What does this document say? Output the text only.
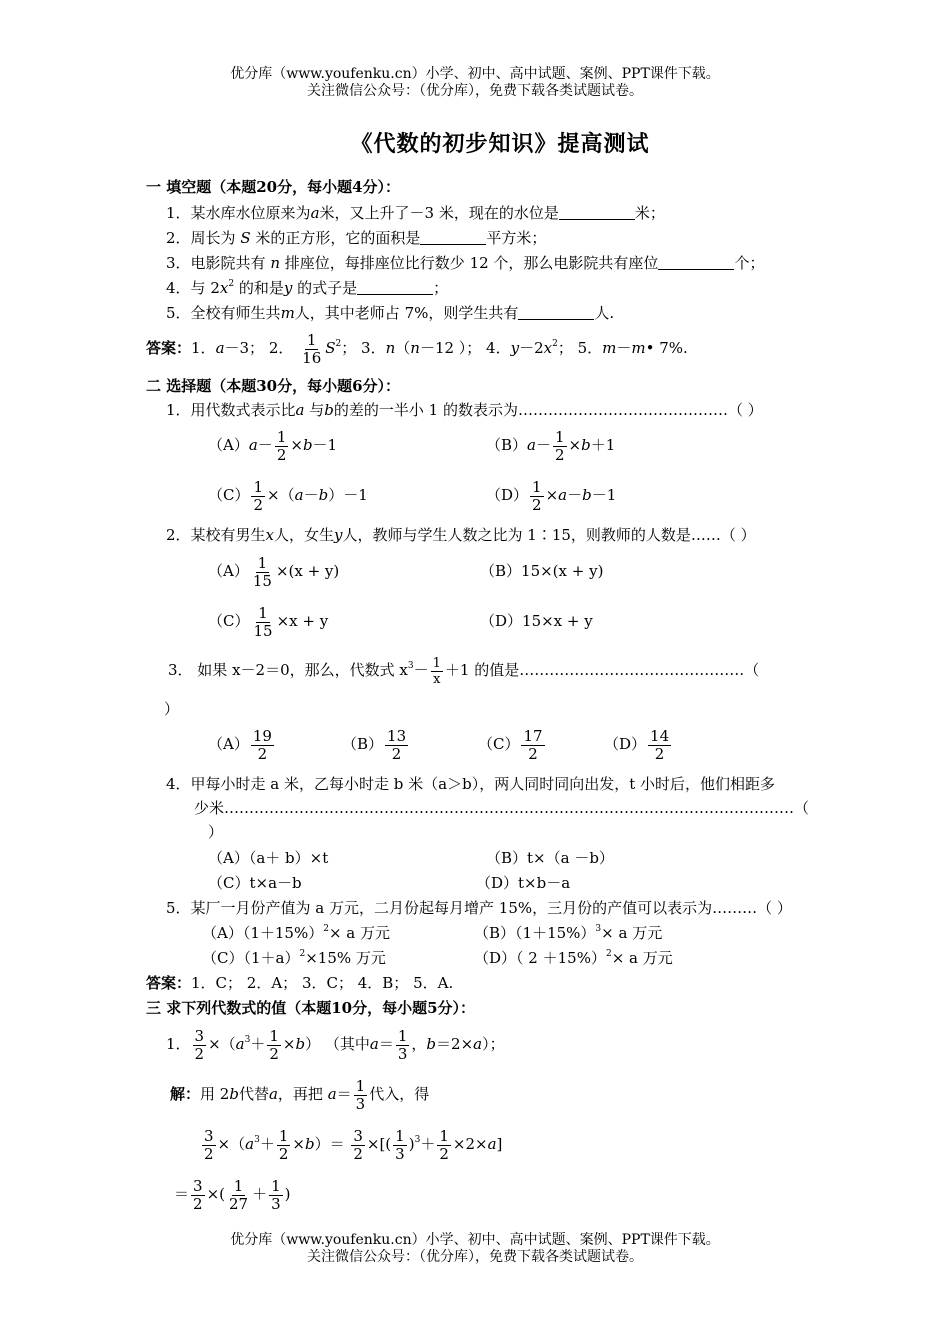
优分库（www.youfenku.cn）小学、初中、高中试题、案例、PPT课件下载。
关注微信公众号：（优分库），免费下载各类试题试卷。
《代数的初步知识》提高测试
一 填空题（本题20分，每小题4分）：
1．某水库水位原来为a米，又上升了－3 米，现在的水位是	米；
2．周长为 S 米的正方形，它的面积是	平方米；
3．电影院共有 n 排座位，每排座位比行数少 12 个，那么电影院共有座位	个；
4．与 $2x^2$ 的和是y 的式子是	；
5．全校有师生共m人，其中老师占 7%，则学生共有	人.
答案：1．a－3； 2． $\frac{1}{16} S^2$； 3．n（n－12 ）； 4．$y-2x^2$； 5．m－m• 7%.
二 选择题（本题30分，每小题6分）：
1．用代数式表示比a 与b的差的一半小 1 的数表示为……………………………………（ ）
$(A)a- \frac{1}{2} \times b-1$	$(B)a- \frac{1}{2} \times b+1$
$(C) \frac{1}{2} \times(a-b)-1$	$(D) \frac{1}{2} \times a-b-1$
2．某校有男生x人，女生y人，教师与学生人数之比为 1∶15，则教师的人数是……（ ）
$(A) \frac{1}{15} \times(x + y)$	（B）15×(x + y)
$(C) \frac{1}{15} \times x + y$	（D）15×x + y
3． 如果 x－2＝0，那么，代数式 $x^3- \frac{1}{x} +1$ 的值是………………………………………（
）
$(A) \frac{19}{2}$	$(B) \frac{13}{2}$	$(C) \frac{17}{2}$	$(D) \frac{14}{2}$
4．甲每小时走 a 米，乙每小时走 b 米（a＞b），两人同时同向出发，t 小时后，他们相距多
少米……………………………………………………………………………………………………（
）
（A）（a＋ b）×t	（B）t×（a －b）
（C）t×a－b	（D）t×b－a
5．某厂一月份产值为 a 万元，二月份起每月增产 15%，三月份的产值可以表示为………（ ）
$(A)(1+15\%)^2\times a$ 万元	$(B)(1+15\%)^3\times a$ 万元
$(C)(1+a)^2\times 15\%$ 万元	（D）（ 2 ＋15%）$^2$× a 万元
答案：1．C； 2．A； 3．C； 4．B； 5．A.
三 求下列代数式的值（本题10分，每小题5分）：
1． $\frac{3}{2} \times(a^3+ \frac{1}{2} \times b)$ （其中$a= \frac{1}{3}$ ，b＝2×a）；
解：用 2b代替a，再把 $a= \frac{1}{3}$ 代入，得
$\frac{3}{2} \times(a^3+ \frac{1}{2} \times b)= \frac{3}{2}$ ×[( $\frac{1}{3} )^3+ \frac{1}{2} \times 2\times a$]
＝ $\frac{3}{2}$ ×( $\frac{1}{27} + \frac{1}{3}$ )
优分库（www.youfenku.cn）小学、初中、高中试题、案例、PPT课件下载。
关注微信公众号：（优分库），免费下载各类试题试卷。
